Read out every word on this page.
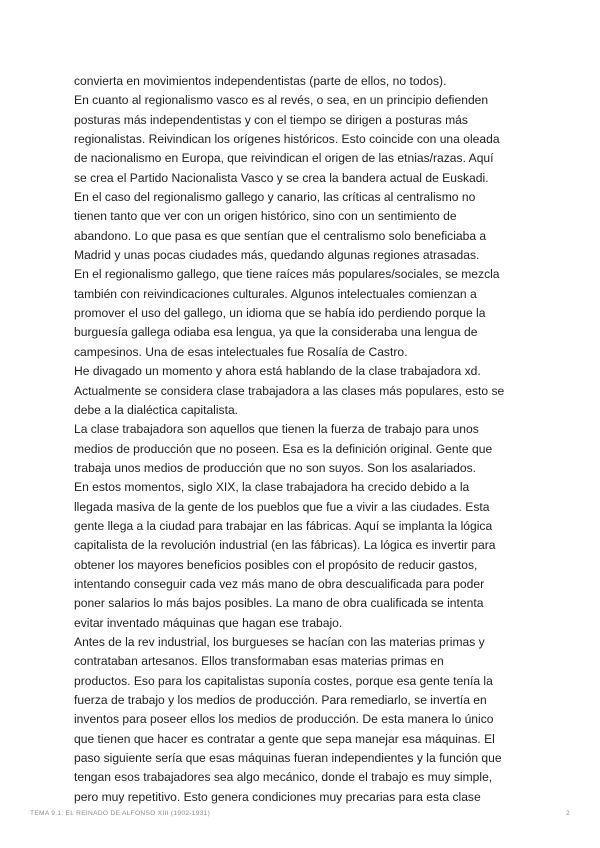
convierta en movimientos independentistas (parte de ellos, no todos).
En cuanto al regionalismo vasco es al revés, o sea, en un principio defienden
posturas más independentistas y con el tiempo se dirigen a posturas más
regionalistas. Reivindican los orígenes históricos. Esto coincide con una oleada
de nacionalismo en Europa, que reivindican el origen de las etnias/razas. Aquí
se crea el Partido Nacionalista Vasco y se crea la bandera actual de Euskadi.
En el caso del regionalismo gallego y canario, las críticas al centralismo no
tienen tanto que ver con un origen histórico, sino con un sentimiento de
abandono. Lo que pasa es que sentían que el centralismo solo beneficiaba a
Madrid y unas pocas ciudades más, quedando algunas regiones atrasadas.
En el regionalismo gallego, que tiene raíces más populares/sociales, se mezcla
también con reivindicaciones culturales. Algunos intelectuales comienzan a
promover el uso del gallego, un idioma que se había ido perdiendo porque la
burguesía gallega odiaba esa lengua, ya que la consideraba una lengua de
campesinos. Una de esas intelectuales fue Rosalía de Castro.
He divagado un momento y ahora está hablando de la clase trabajadora xd.
Actualmente se considera clase trabajadora a las clases más populares, esto se
debe a la dialéctica capitalista.
La clase trabajadora son aquellos que tienen la fuerza de trabajo para unos
medios de producción que no poseen. Esa es la definición original. Gente que
trabaja unos medios de producción que no son suyos. Son los asalariados.
En estos momentos, siglo XIX, la clase trabajadora ha crecido debido a la
llegada masiva de la gente de los pueblos que fue a vivir a las ciudades. Esta
gente llega a la ciudad para trabajar en las fábricas. Aquí se implanta la lógica
capitalista de la revolución industrial (en las fábricas). La lógica es invertir para
obtener los mayores beneficios posibles con el propósito de reducir gastos,
intentando conseguir cada vez más mano de obra descualificada para poder
poner salarios lo más bajos posibles. La mano de obra cualificada se intenta
evitar inventado máquinas que hagan ese trabajo.
Antes de la rev industrial, los burgueses se hacían con las materias primas y
contrataban artesanos. Ellos transformaban esas materias primas en
productos. Eso para los capitalistas suponía costes, porque esa gente tenía la
fuerza de trabajo y los medios de producción. Para remediarlo, se invertía en
inventos para poseer ellos los medios de producción. De esta manera lo único
que tienen que hacer es contratar a gente que sepa manejar esa máquinas. El
paso siguiente sería que esas máquinas fueran independientes y la función que
tengan esos trabajadores sea algo mecánico, donde el trabajo es muy simple,
pero muy repetitivo. Esto genera condiciones muy precarias para esta clase
TEMA 9.1: EL REINADO DE ALFONSO XIII (1902-1931)	2
